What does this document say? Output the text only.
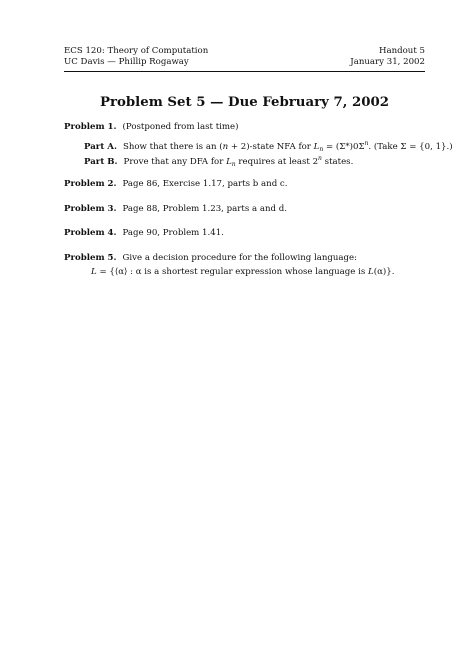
ECS 120: Theory of Computation	Handout 5
UC Davis — Phillip Rogaway	January 31, 2002
Problem Set 5 — Due February 7, 2002
Problem 1. (Postponed from last time)
Part A. Show that there is an (n + 2)-state NFA for $L_n = (\Sigma*)0\Sigma^n$. (Take Σ = {0, 1}.)
Part B. Prove that any DFA for $L_n$ requires at least 2$^n$ states.
Problem 2. Page 86, Exercise 1.17, parts b and c.
Problem 3. Page 88, Problem 1.23, parts a and d.
Problem 4. Page 90, Problem 1.41.
Problem 5. Give a decision procedure for the following language:
L = {⟨α⟩ : α is a shortest regular expression whose language is L(α)}.
